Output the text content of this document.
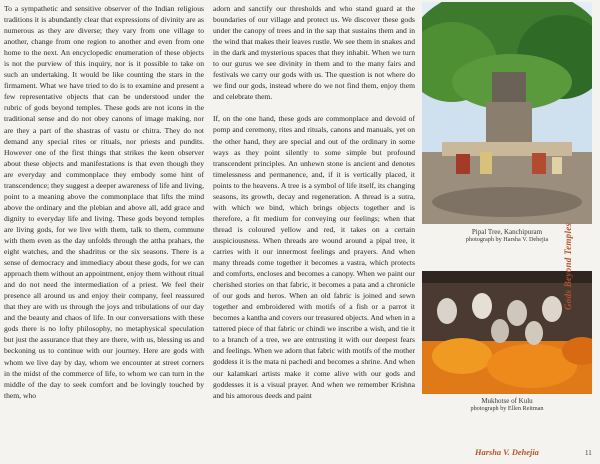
To a sympathetic and sensitive observer of the Indian religious traditions it is abundantly clear that expressions of divinity are as numerous as they are diverse; they vary from one village to another, change from one region to another and even from one home to the next. An encyclopedic enumeration of these objects is not the purview of this inquiry, nor is it possible to take on such an undertaking. It would be like counting the stars in the firmament. What we have tried to do is to examine and present a few representative objects that can be understood under the rubric of gods beyond temples. These gods are not icons in the traditional sense and do not obey canons of image making, nor are they a part of the shastras of vastu or chitra. They do not demand any special rites or rituals, nor priests and pundits. However one of the first things that strikes the keen observer about these objects and manifestations is that even though they are everyday and commonplace they embody some hint of transcendence; they suggest a deeper awareness of life and living, point to a meaning above the commonplace that lifts the mind above the ordinary and the plebian and above all, add grace and dignity to everyday life and living. These gods beyond temples are living gods, for we live with them, talk to them, commune with them even as the day unfolds through the attha prahars, the eight watches, and the shadritus or the six seasons. There is a sense of democracy and immediacy about these gods, for we can approach them without an appointment, enjoy them without ritual and do not need the intermediation of a priest. We feel their presence all around us and enjoy their company, feel reassured that they are with us through the joys and tribulations of our day and the beauty and chaos of life. In our conversations with these gods there is no lofty philosophy, no metaphysical speculation but just the assurance that they are there, with us, blessing us and beckoning us to continue with our journey. Here are gods with whom we live day by day, whom we encounter at street corners in the midst of the commerce of life, to whom we can turn in the middle of the day to seek comfort and be lovingly touched by them, who

adorn and sanctify our thresholds and who stand guard at the boundaries of our village and protect us. We discover these gods under the canopy of trees and in the sap that sustains them and in the wind that makes their leaves rustle. We see them in snakes and in the dark and mysterious spaces that they inhabit. When we turn to our gurus we see divinity in them and to the many fairs and festivals we carry our gods with us. The question is not where do we find our gods, instead where do we not find them, enjoy them and celebrate them.

If, on the one hand, these gods are commonplace and devoid of pomp and ceremony, rites and rituals, canons and manuals, yet on the other hand, they are special and out of the ordinary in some ways as they point silently to some simple but profound transcendent principles. An unhewn stone is ancient and denotes timelessness and permanence, and, if it is vertically placed, it points to the heavens. A tree is a symbol of life itself, its changing seasons, its growth, decay and regeneration. A thread is a sutra, with which we bind, which brings objects together and is therefore, a fit medium for conveying our feelings; when that thread is coloured yellow and red, it takes on a certain auspiciousness. When threads are wound around a pipal tree, it carries with it our innermost feelings and prayers. And when many threads come together it becomes a vastra, which protects and comforts, encloses and becomes a canopy. When we paint our cherished stories on that fabric, it becomes a pata and a chronicle of our gods and heros. When an old fabric is joined and sewn together and embroidered with motifs of a fish or a parrot it becomes a kantha and covers our treasured objects. And when in a tattered piece of that fabric or chindi we inscribe a wish, and tie it to a branch of a tree, we are entrusting it with our deepest fears and feelings. When we adorn that fabric with motifs of the mother goddess it is the mata ni pachedi and becomes a shrine. And when our kalamkari artists make it come alive with our gods and goddesses it is a visual prayer. And when we remember Krishna and his amorous deeds and paint

Pipal Tree, Kanchipuram
photograph by Harsha V. Dehejia
Mukhotse of Kulu
photograph by Ellen Reitman
Gods Beyond Temples
Harsha V. Dehejia	11
